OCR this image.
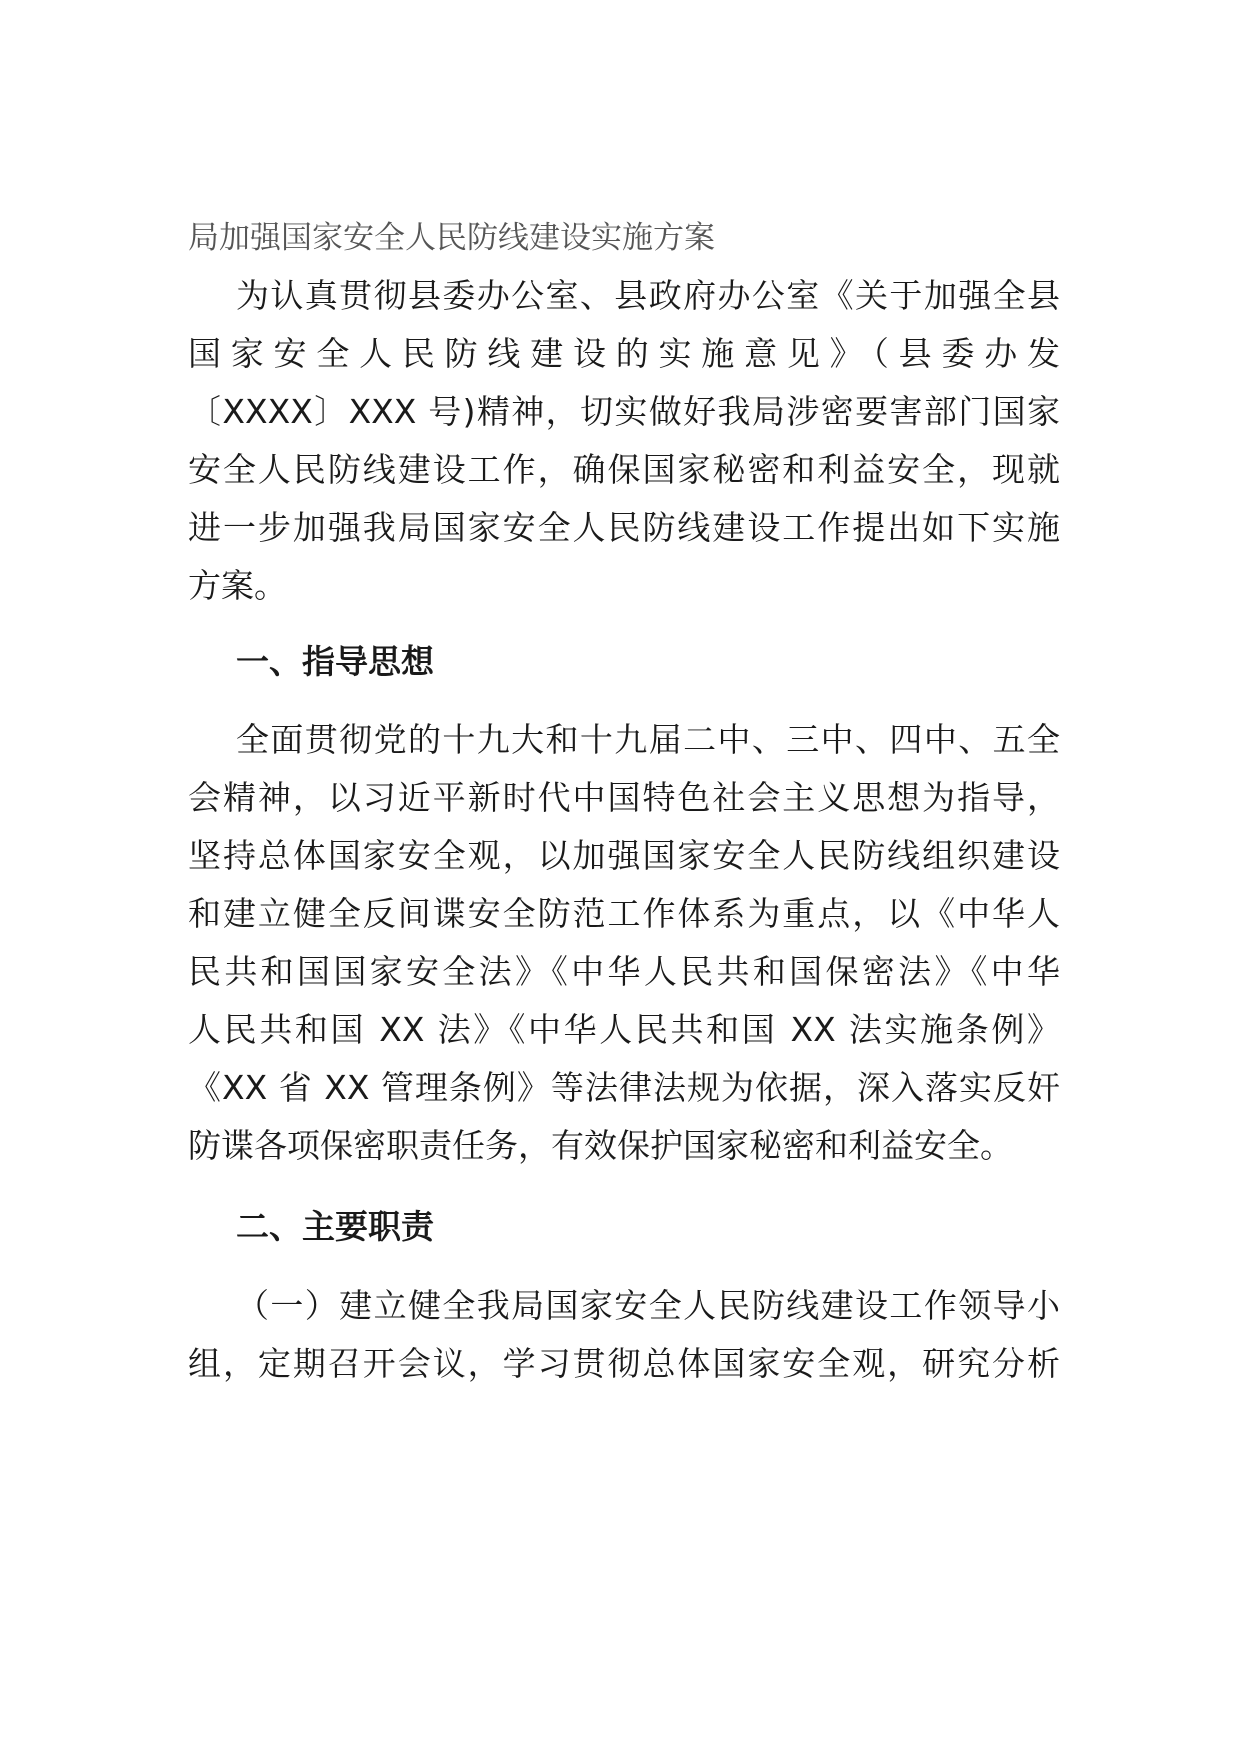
局加强国家安全人民防线建设实施方案

为认真贯彻县委办公室、县政府办公室《关于加强全县

国家安全人民防线建设的实施意见》（县委办发

〔XXXX〕XXX 号)精神，切实做好我局涉密要害部门国家

安全人民防线建设工作，确保国家秘密和利益安全，现就

进一步加强我局国家安全人民防线建设工作提出如下实施

方案。

一、指导思想

全面贯彻党的十九大和十九届二中、三中、四中、五全

会精神，以习近平新时代中国特色社会主义思想为指导，

坚持总体国家安全观，以加强国家安全人民防线组织建设

和建立健全反间谍安全防范工作体系为重点，以《中华人

民共和国国家安全法》《中华人民共和国保密法》《中华

人民共和国 XX 法》《中华人民共和国 XX 法实施条例》

《XX 省 XX 管理条例》等法律法规为依据，深入落实反奸

防谍各项保密职责任务，有效保护国家秘密和利益安全。

二、主要职责

（一）建立健全我局国家安全人民防线建设工作领导小

组，定期召开会议，学习贯彻总体国家安全观，研究分析
